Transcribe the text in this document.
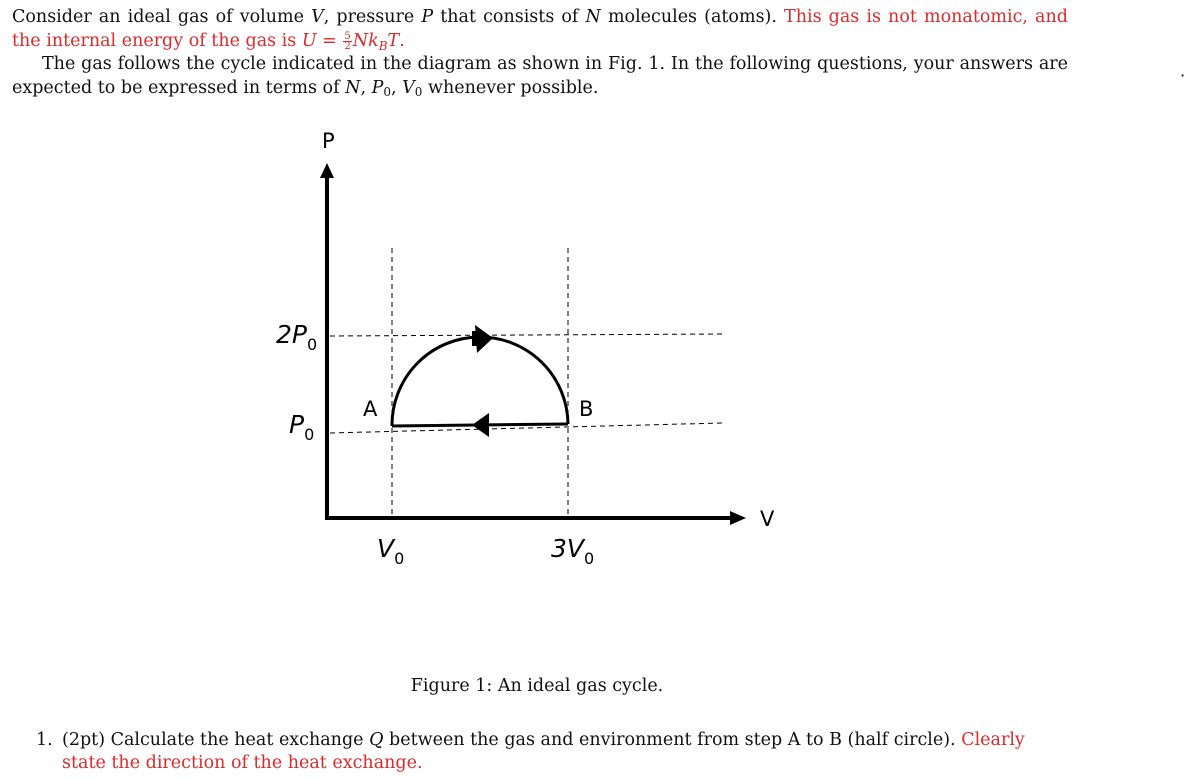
Consider an ideal gas of volume V, pressure P that consists of N molecules (atoms). This gas is not monatomic, and the internal energy of the gas is $U = \frac{5}{2} Nk_BT$.

The gas follows the cycle indicated in the diagram as shown in Fig. 1. In the following questions, your answers are expected to be expressed in terms of N, P0, V0 whenever possible.

·
P
V
$2P_0$
$P_0$
$V_0$	$3V_0$
A	B
Figure 1: An ideal gas cycle.
1. (2pt) Calculate the heat exchange Q between the gas and environment from step A to B (half circle). Clearly state the direction of the heat exchange.
